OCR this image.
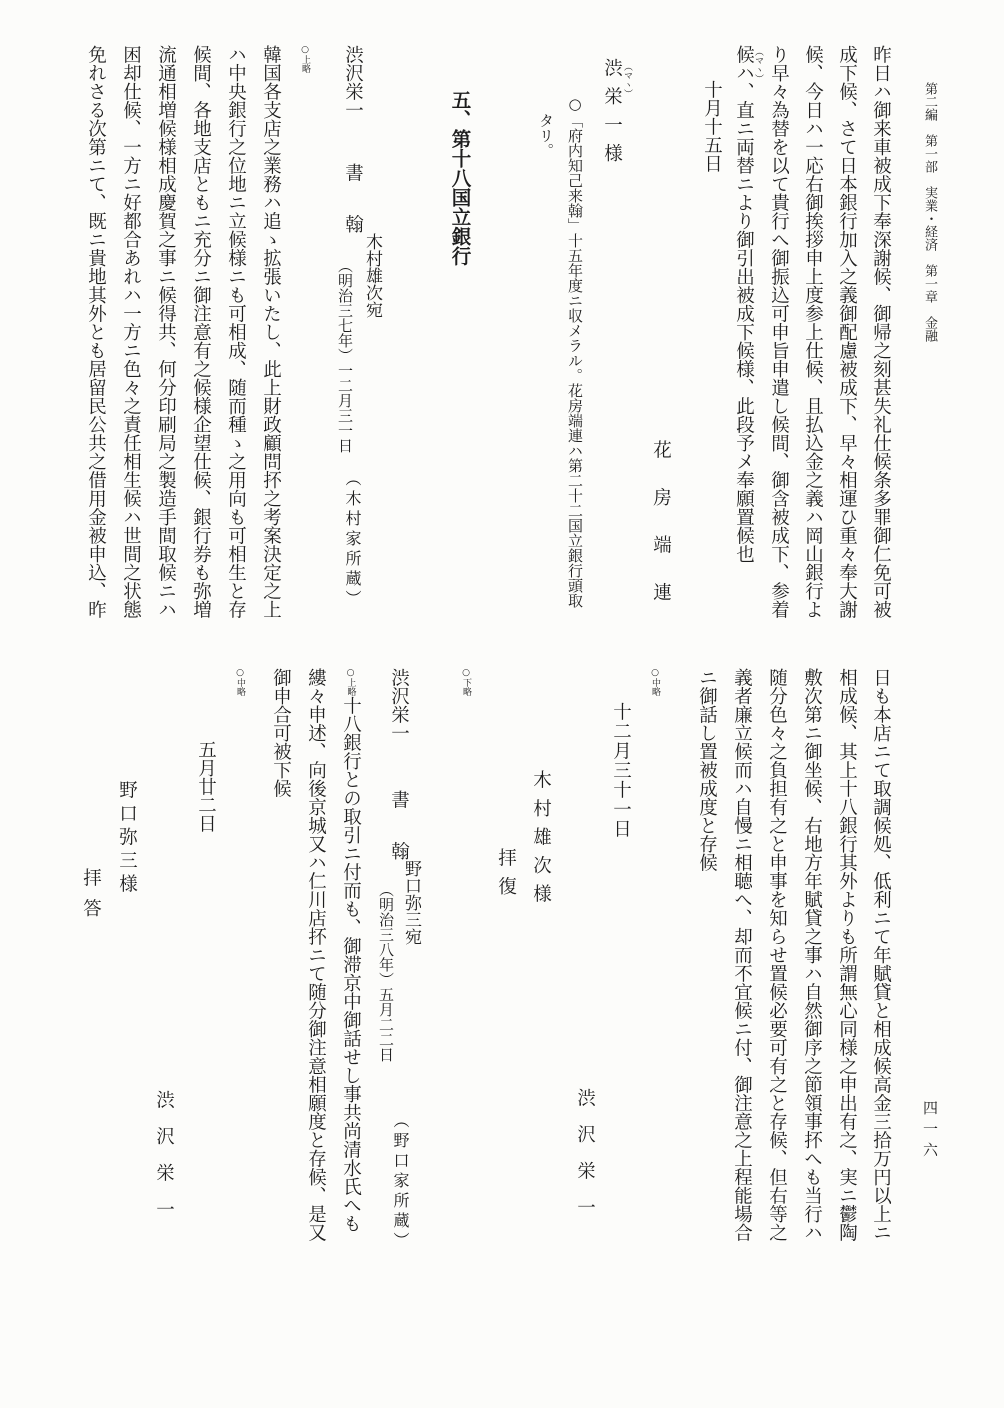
第二編　第一部　実業・経済　第一章　金融
四一六
昨日ハ御来車被成下奉深謝候、御帰之刻甚失礼仕候条多罪御仁免可被
成下候、さて日本銀行加入之義御配慮被成下、早々相運ひ重々奉大謝
候、今日ハ一応右御挨拶申上度参上仕候、且払込金之義ハ岡山銀行よ
り早々為替を以て貴行へ御振込可申旨申遣し候間、御含被成下、参着
（マヽ）
候ハ、直ニ両替ニより御引出被成下候様、此段予メ奉願置候也
十月十五日
花房端連
（マヽ）
渋栄一様
○「府内知己来翰」十五年度ニ収メラル。花房端連ハ第二十二国立銀行頭取
タリ。
五、第十八国立銀行
渋沢栄一
書翰
木村雄次宛
（明治三七年）一二月三一日
（木村家所蔵）
○上略
韓国各支店之業務ハ追ゝ拡張いたし、此上財政顧問抔之考案決定之上
ハ中央銀行之位地ニ立候様ニも可相成、随而種ゝ之用向も可相生と存
候間、各地支店ともニ充分ニ御注意有之候様企望仕候、銀行券も弥増
流通相増候様相成慶賀之事ニ候得共、何分印刷局之製造手間取候ニハ
困却仕候、一方ニ好都合あれハ一方ニ色々之責任相生候ハ世間之状態
免れさる次第ニて、既ニ貴地其外とも居留民公共之借用金被申込、昨
日も本店ニて取調候処、低利ニて年賦貸と相成候高金三拾万円以上ニ
相成候、其上十八銀行其外よりも所謂無心同様之申出有之、実ニ鬱陶
敷次第ニ御坐候、右地方年賦貸之事ハ自然御序之節領事抔へも当行ハ
随分色々之負担有之と申事を知らせ置候必要可有之と存候、但右等之
義者廉立候而ハ自慢ニ相聴へ、却而不宜候ニ付、御注意之上程能場合
ニ御話し置被成度と存候
○中略
十二月三十一日
渋沢栄一
木村雄次様
拝復
○下略
渋沢栄一
書翰
野口弥三宛
（明治三八年）五月二二日
（野口家所蔵）
○上略十八銀行との取引ニ付而も、御滞京中御話せし事共尚清水氏へも
縷々申述、向後京城又ハ仁川店抔ニて随分御注意相願度と存候、是又
御申合可被下候
○中略
五月廿二日
渋沢栄一
野口弥三様
拝答
